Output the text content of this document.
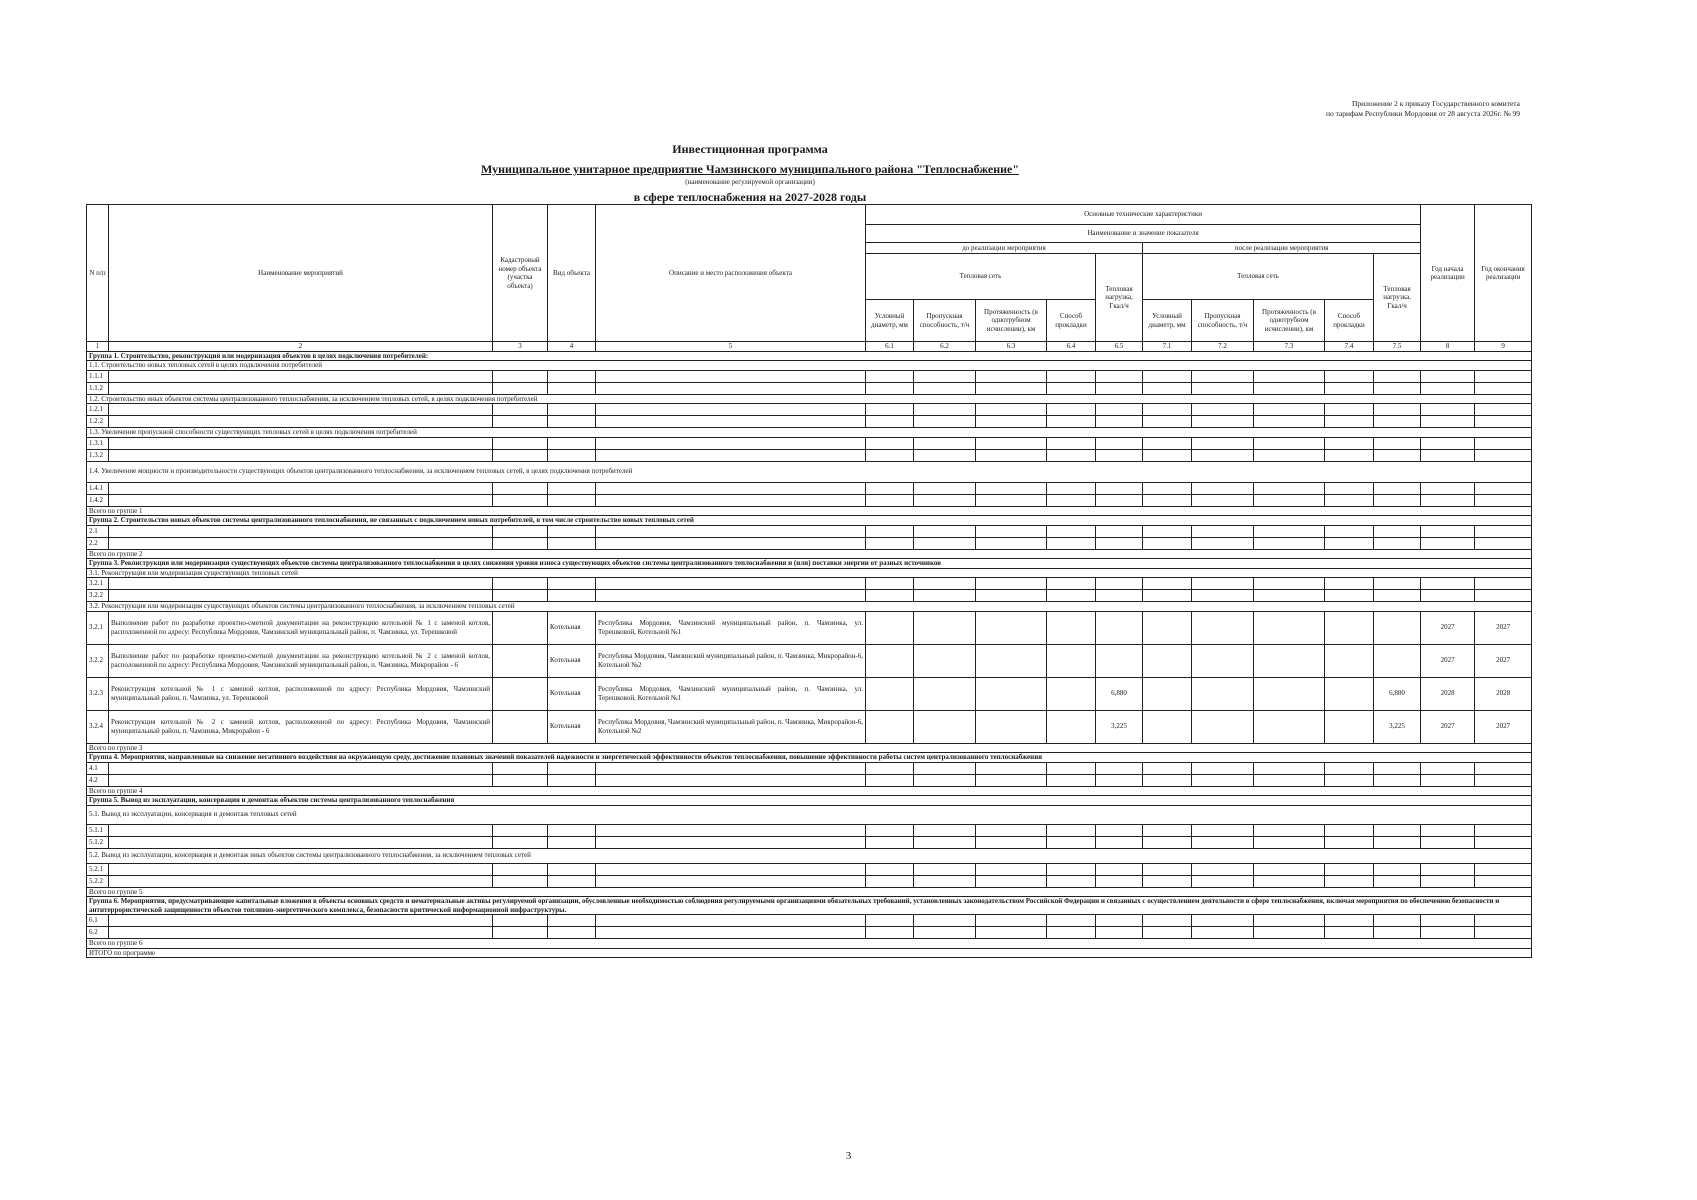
Приложение 2 к приказу Государственного комитета
по тарифам Республики Мордовия от 28 августа 2026г. № 99
Инвестиционная программа
Муниципальное унитарное предприятие Чамзинского муниципального района "Теплоснабжение"
(наименование регулируемой организации)
в сфере теплоснабжения на 2027-2028 годы
N п/п	Наименование мероприятий	Кадастровый номер объекта (участка объекта)	Вид объекта	Описание и место расположения объекта	Основные технические характеристики										Год начала реализации	Год окончания реализации
					Наименование и значение показателя											
					до реализации мероприятия					после реализации мероприятия						
					Тепловая сеть				Тепловая нагрузка, Гкал/ч	Тепловая сеть				Тепловая нагрузка, Гкал/ч		
					Условный диаметр, мм	Пропускная способность, т/ч	Протяженность (в однотрубном исчислении), км	Способ прокладки		Условный диаметр, мм	Пропускная способность, т/ч	Протяженность (в однотрубном исчислении), км	Способ прокладки			
1	2	3	4	5	6.1	6.2	6.3	6.4	6.5	7.1	7.2	7.3	7.4	7.5	8	9
Группа 1. Строительство, реконструкция или модернизация объектов в целях подключения потребителей:																
1.1. Строительство новых тепловых сетей в целях подключения потребителей																
1.1.1																
1.1.2																
1.2. Строительство иных объектов системы централизованного теплоснабжения, за исключением тепловых сетей, в целях подключения потребителей																
1.2.1																
1.2.2																
1.3. Увеличение пропускной способности существующих тепловых сетей в целях подключения потребителей																
1.3.1																
1.3.2																
1.4. Увеличение мощности и производительности существующих объектов централизованного теплоснабжения, за исключением тепловых сетей, в целях подключения потребителей																
1.4.1																
1.4.2																
Всего по группе 1																
Группа 2. Строительство новых объектов системы централизованного теплоснабжения, не связанных с подключением новых потребителей, в том числе строительство новых тепловых сетей																
2.1																
2.2																
Всего по группе 2																
Группа 3. Реконструкция или модернизация существующих объектов системы централизованного теплоснабжения в целях снижения уровня износа существующих объектов системы централизованного теплоснабжения и (или) поставки энергии от разных источников																
3.1. Реконструкция или модернизация существующих тепловых сетей																
3.2.1																
3.2.2																
3.2. Реконструкция или модернизация существующих объектов системы централизованного теплоснабжения, за исключением тепловых сетей																
3.2.1	Выполнение работ по разработке проектно-сметной документации на реконструкцию котельной № 1 с заменой котлов, расположенной по адресу: Республика Мордовия, Чамзинский муниципальный район, п. Чамзинка, ул. Терешковой		Котельная	Республика Мордовия, Чамзинский муниципальный район, п. Чамзинка, ул. Терешковой, Котельной №1											2027	2027
3.2.2	Выполнение работ по разработке проектно-сметной документации на реконструкцию котельной № 2 с заменой котлов, расположенной по адресу: Республика Мордовия, Чамзинский муниципальный район, п. Чамзинка, Микрорайон - 6		Котельная	Республика Мордовия, Чамзинский муниципальный район, п. Чамзинка, Микрорайон-6, Котельной №2											2027	2027
3.2.3	Реконструкция котельной № 1 с заменой котлов, расположенной по адресу: Республика Мордовия, Чамзинский муниципальный район, п. Чамзинка, ул. Терешковой		Котельная	Республика Мордовия, Чамзинский муниципальный район, п. Чамзинка, ул. Терешковой, Котельной №1					6,880					6,880	2028	2028
3.2.4	Реконструкция котельной № 2 с заменой котлов, расположенной по адресу: Республика Мордовия, Чамзинский муниципальный район, п. Чамзинка, Микрорайон - 6		Котельная	Республика Мордовия, Чамзинский муниципальный район, п. Чамзинка, Микрорайон-6, Котельной №2					3,225					3,225	2027	2027
Всего по группе 3																
Группа 4. Мероприятия, направленные на снижение негативного воздействия на окружающую среду, достижение плановых значений показателей надежности и энергетической эффективности объектов теплоснабжения, повышение эффективности работы систем централизованного теплоснабжения																
4.1																
4.2																
Всего по группе 4																
Группа 5. Вывод из эксплуатации, консервация и демонтаж объектов системы централизованного теплоснабжения																
5.1. Вывод из эксплуатации, консервация и демонтаж тепловых сетей																
5.1.1																
5.1.2																
5.2. Вывод из эксплуатации, консервация и демонтаж иных объектов системы централизованного теплоснабжения, за исключением тепловых сетей																
5.2.1																
5.2.2																
Всего по группе 5																
Группа 6. Мероприятия, предусматривающие капитальные вложения в объекты основных средств и нематериальные активы регулируемой организации, обусловленные необходимостью соблюдения регулируемыми организациями обязательных требований, установленных законодательством Российской Федерации и связанных с осуществлением деятельности в сфере теплоснабжения, включая мероприятия по обеспечению безопасности и антитеррористической защищенности объектов топливно-энергетического комплекса, безопасности критической информационной инфраструктуры.																
6.1																
6.2																
Всего по группе 6																
ИТОГО по программе																
3
